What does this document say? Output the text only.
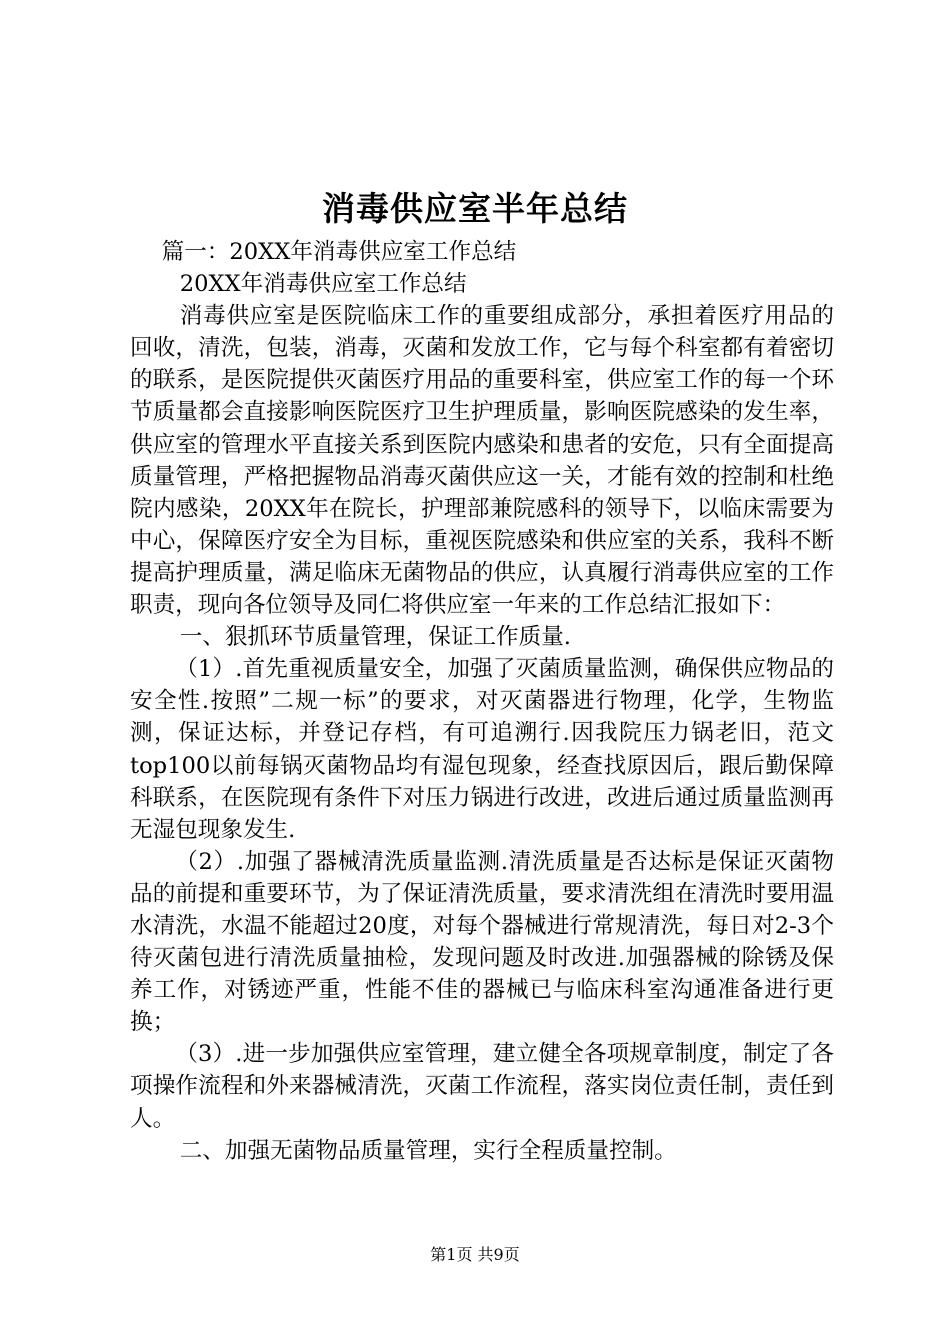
消毒供应室半年总结

篇一：20XX年消毒供应室工作总结

20XX年消毒供应室工作总结

消毒供应室是医院临床工作的重要组成部分，承担着医疗用品的回收，清洗，包装，消毒，灭菌和发放工作，它与每个科室都有着密切的联系，是医院提供灭菌医疗用品的重要科室，供应室工作的每一个环节质量都会直接影响医院医疗卫生护理质量，影响医院感染的发生率，供应室的管理水平直接关系到医院内感染和患者的安危，只有全面提高质量管理，严格把握物品消毒灭菌供应这一关，才能有效的控制和杜绝院内感染，20XX年在院长，护理部兼院感科的领导下，以临床需要为中心，保障医疗安全为目标，重视医院感染和供应室的关系，我科不断提高护理质量，满足临床无菌物品的供应，认真履行消毒供应室的工作职责，现向各位领导及同仁将供应室一年来的工作总结汇报如下：

一、狠抓环节质量管理，保证工作质量.

（1）.首先重视质量安全，加强了灭菌质量监测，确保供应物品的安全性.按照”二规一标”的要求，对灭菌器进行物理，化学，生物监测，保证达标，并登记存档，有可追溯行.因我院压力锅老旧，范文top100以前每锅灭菌物品均有湿包现象，经查找原因后，跟后勤保障科联系，在医院现有条件下对压力锅进行改进，改进后通过质量监测再无湿包现象发生.

（2）.加强了器械清洗质量监测.清洗质量是否达标是保证灭菌物品的前提和重要环节，为了保证清洗质量，要求清洗组在清洗时要用温水清洗，水温不能超过20度，对每个器械进行常规清洗，每日对2-3个待灭菌包进行清洗质量抽检，发现问题及时改进.加强器械的除锈及保养工作，对锈迹严重，性能不佳的器械已与临床科室沟通准备进行更换；

（3）.进一步加强供应室管理，建立健全各项规章制度，制定了各项操作流程和外来器械清洗，灭菌工作流程，落实岗位责任制，责任到人。

二、加强无菌物品质量管理，实行全程质量控制。

第1页 共9页
